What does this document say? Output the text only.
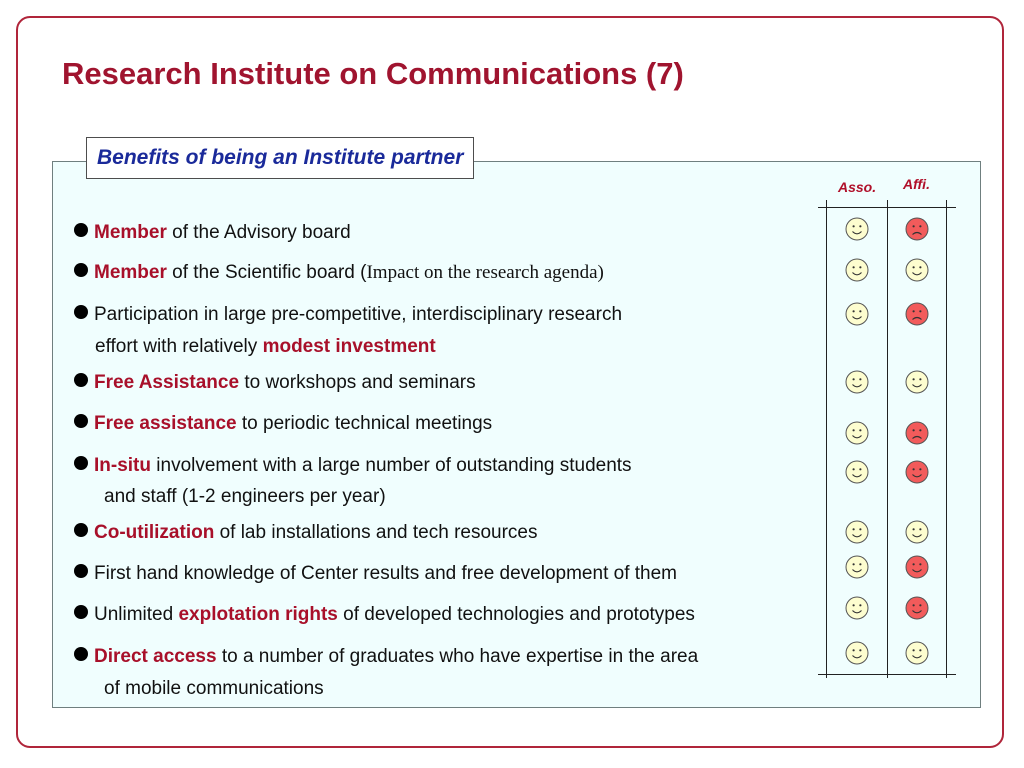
Research Institute on Communications (7)
Benefits of being an Institute partner
Asso. Affi.
Member of the Advisory board
Member of the Scientific board (Impact on the research agenda)
Participation in large pre-competitive, interdisciplinary research
effort with relatively modest investment
Free Assistance to workshops and seminars
Free assistance to periodic technical meetings
In-situ involvement with a large number of outstanding students
and staff (1-2 engineers per year)
Co-utilization of lab installations and tech resources
First hand knowledge of Center results and free development of them
Unlimited explotation rights of developed technologies and prototypes
Direct access to a number of graduates who have expertise in the area
of mobile communications
